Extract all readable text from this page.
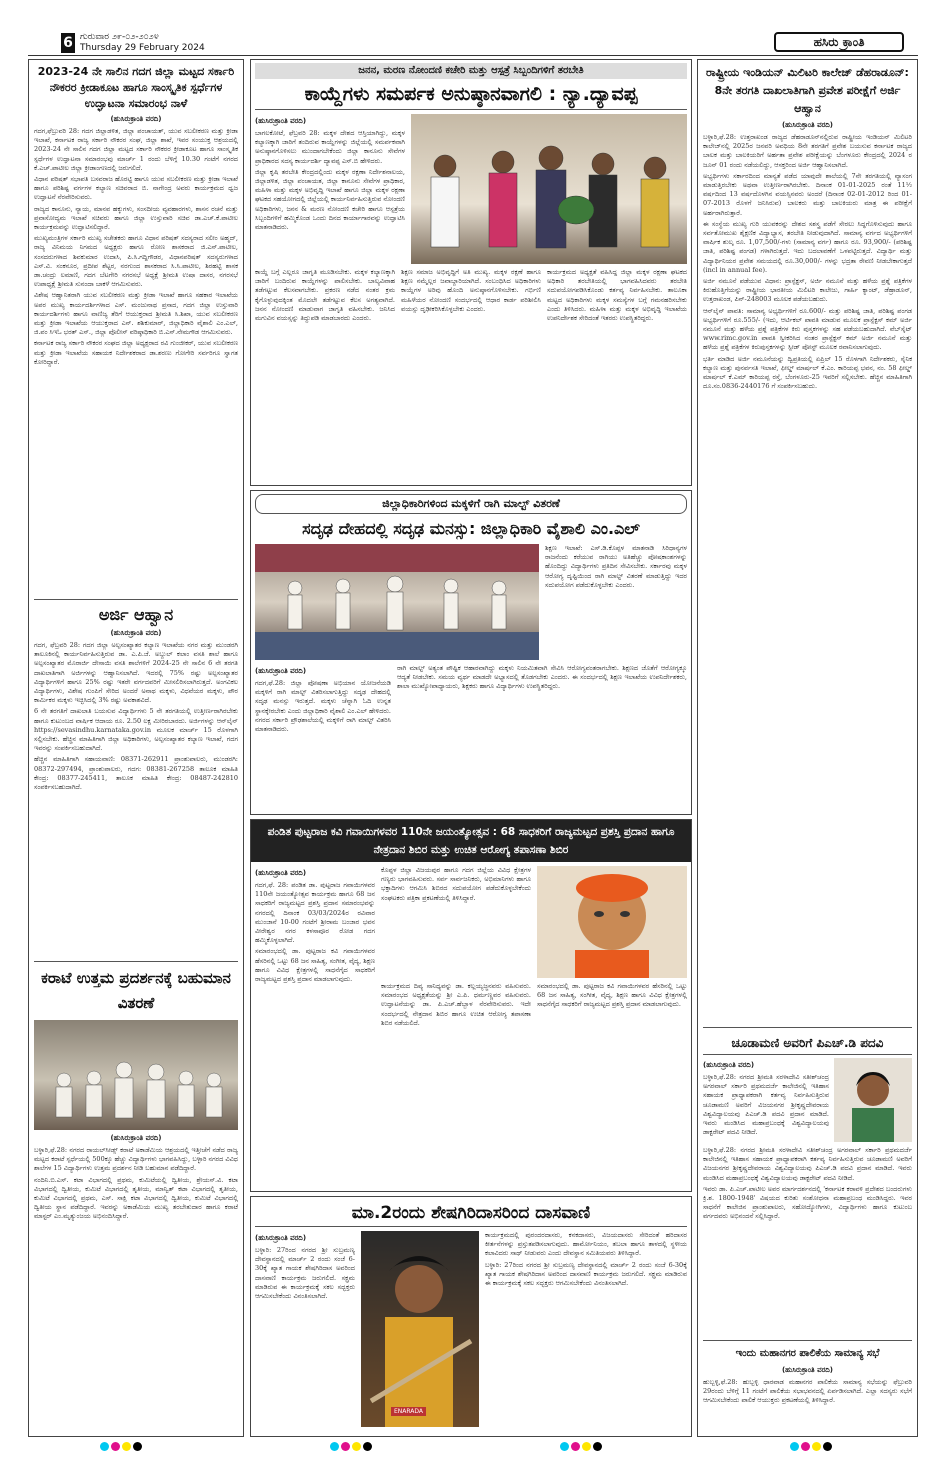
6 ಗುರುವಾರ ೨೯-೦೨-೨೦೨೪
Thursday 29 February 2024	ಹಸಿರು ಕ್ರಾಂತಿ
2023-24 ನೇ ಸಾಲಿನ ಗದಗ ಜಿಲ್ಲಾ ಮಟ್ಟದ ಸರ್ಕಾರಿ ನೌಕರರ ಕ್ರೀಡಾಕೂಟ ಹಾಗೂ ಸಾಂಸ್ಕೃತಿಕ ಸ್ಪರ್ಧೆಗಳ ಉದ್ಘಾಟನಾ ಸಮಾರಂಭ ನಾಳೆ
(ಹುಸಿರುಕ್ರಾಂತಿ ವರದಿ)

ಗದಗ,ಫೆಬ್ರುವರಿ 28: ಗದಗ ಜಿಲ್ಲಾಡಳಿತ, ಜಿಲ್ಲಾ ಪಂಚಾಯತ್, ಯುವ ಸಬಲೀಕರಣ ಮತ್ತು ಕ್ರೀಡಾ ಇಲಾಖೆ, ಕರ್ನಾಟಕ ರಾಜ್ಯ ಸರ್ಕಾರಿ ನೌಕರರ ಸಂಘ, ಜಿಲ್ಲಾ ಶಾಖೆ, ಇವರ ಸಂಯುಕ್ತ ಆಶ್ರಯದಲ್ಲಿ 2023-24 ನೇ ಸಾಲಿನ ಗದಗ ಜಿಲ್ಲಾ ಮಟ್ಟದ ಸರ್ಕಾರಿ ನೌಕರರ ಕ್ರೀಡಾಕೂಟ ಹಾಗೂ ಸಾಂಸ್ಕೃತಿಕ ಸ್ಪರ್ಧೆಗಳ ಉದ್ಘಾಟನಾ ಸಮಾರಂಭವು ಮಾರ್ಚ್ 1 ರಂದು ಬೆಳಿಗ್ಗೆ 10.30 ಗಂಟೆಗೆ ನಗರದ ಕೆ.ಎಚ್.ಪಾಟೀಲ ಜಿಲ್ಲಾ ಕ್ರೀಡಾಂಗಣದಲ್ಲಿ ಜರುಗಲಿದೆ.

ವಿಧಾನ ಪರಿಷತ್ ಸಭಾಪತಿ ಬಸವರಾಜ ಹೊರಟ್ಟಿ ಹಾಗೂ ಯುವ ಸಬಲೀಕರಣ ಮತ್ತು ಕ್ರೀಡಾ ಇಲಾಖೆ ಹಾಗೂ ಪರಿಶಿಷ್ಟ ವರ್ಗಗಳ ಕಲ್ಯಾಣ ಸಚಿವರಾದ ಬಿ. ನಾಗೇಂದ್ರ ಅವರು ಕಾರ್ಯಕ್ರಮದ ಧ್ವಜ ಉದ್ಘಾಟನೆ ನೆರವೇರಿಸುವರು.

ರಾಜ್ಯದ ಕಾನೂನು, ನ್ಯಾಯ, ಮಾನವ ಹಕ್ಕುಗಳು, ಸಂಸದೀಯ ವ್ಯವಹಾರಗಳು, ಶಾಸನ ರಚನೆ ಮತ್ತು ಪ್ರವಾಸೋದ್ಯಮ ಇಲಾಖೆ ಸಚಿವರು ಹಾಗೂ ಜಿಲ್ಲಾ ಉಸ್ತುವಾರಿ ಸಚಿವ ಡಾ.ಎಚ್.ಕೆ.ಪಾಟೀಲ ಕಾರ್ಯಕ್ರಮವನ್ನು ಉದ್ಘಾಟಿಸಲಿದ್ದಾರೆ.

ಮುಖ್ಯಮಂತ್ರಿಗಳ ಸರ್ಕಾರಿ ಮುಖ್ಯ ಸಚೇತಕರು ಹಾಗೂ ವಿಧಾನ ಪರಿಷತ್ ಸದಸ್ಯರಾದ ಸಲೀಂ ಅಹ್ಮದ್, ರಾಜ್ಯ ವಿನಿಮಯ ನಿಗಮದ ಅಧ್ಯಕ್ಷರು ಹಾಗೂ ರೋಣ ಶಾಸಕರಾದ ಜಿ.ಎಸ್.ಪಾಟೀಲ, ಸಂಸದರುಗಳಾದ ಶಿವಕುಮಾರ ಉದಾಸಿ, ಪಿ.ಸಿ.ಗದ್ದಿಗೌಡರ, ವಿಧಾನಪರಿಷತ್ ಸದಸ್ಯರುಗಳಾದ ಎಸ್.ವಿ. ಸಂಕನೂರ, ಪ್ರದೀಪ ಶೆಟ್ಟರ, ನರಗುಂದ ಶಾಸಕರಾದ ಸಿ.ಸಿ.ಪಾಟೀಲ, ಶಿರಹಟ್ಟಿ ಶಾಸಕ ಡಾ.ಚಂದ್ರು ಲಮಾಣಿ, ಗದಗ ಬೆಟಗೇರಿ ನಗರಸಭೆ ಅಧ್ಯಕ್ಷೆ ಶ್ರೀಮತಿ ಉಷಾ ದಾಸರ, ನಗರಸಭೆ ಉಪಾಧ್ಯಕ್ಷೆ ಶ್ರೀಮತಿ ಸುನಂದಾ ಬಾಕಳೆ ಆಗಮಿಸುವರು.

ವಿಶೇಷ ಆಹ್ವಾನಿತರಾಗಿ ಯುವ ಸಬಲೀಕರಣ ಮತ್ತು ಕ್ರೀಡಾ ಇಲಾಖೆ ಹಾಗೂ ಸಹಕಾರ ಇಲಾಖೆಯ ಅಪರ ಮುಖ್ಯ ಕಾರ್ಯದರ್ಶಿಗಳಾದ ಎಸ್. ಮಂಜುನಾಥ ಪ್ರಸಾದ, ಗದಗ ಜಿಲ್ಲಾ ಉಸ್ತುವಾರಿ ಕಾರ್ಯದರ್ಶಿಗಳು ಹಾಗೂ ವಾಣಿಜ್ಯ ತೆರಿಗೆ ಆಯುಕ್ತರಾದ ಶ್ರೀಮತಿ ಸಿ.ಶಿಖಾ, ಯುವ ಸಬಲೀಕರಣ ಮತ್ತು ಕ್ರೀಡಾ ಇಲಾಖೆಯ ಆಯುಕ್ತರಾದ ಎನ್. ಶಶಿಕುಮಾರ್, ಜಿಲ್ಲಾಧಿಕಾರಿ ವೈಶಾಲಿ ಎಂ.ಎಲ್, ಜಿ.ಪಂ ಸಿಇಓ ಭರತ್ ಎಸ್., ಜಿಲ್ಲಾ ಪೊಲೀಸ್ ವರಿಷ್ಠಾಧಿಕಾರಿ ಬಿ.ಎಸ್.ನೇಮಗೌಡ ಆಗಮಿಸುವರು.

ಕರ್ನಾಟಕ ರಾಜ್ಯ ಸರ್ಕಾರಿ ನೌಕರರ ಸಂಘದ ಜಿಲ್ಲಾ ಅಧ್ಯಕ್ಷರಾದ ರವಿ ಗುಂಜೀಕರ್, ಯುವ ಸಬಲೀಕರಣ ಮತ್ತು ಕ್ರೀಡಾ ಇಲಾಖೆಯ ಸಹಾಯಕ ನಿರ್ದೇಶಕರಾದ ಡಾ.ಶರಣು ಗೋಗೇರಿ ಸರ್ವರಿಗೂ ಸ್ವಾಗತ ಕೋರಿದ್ದಾರೆ.

ಅರ್ಜಿ ಆಹ್ವಾನ
(ಹುಸಿರುಕ್ರಾಂತಿ ವರದಿ)

ಗದಗ, ಫೆಬ್ರವರಿ 28: ಗದಗ ಜಿಲ್ಲಾ ಅಲ್ಪಸಂಖ್ಯಾತರ ಕಲ್ಯಾಣ ಇಲಾಖೆಯ ನಗರ ಮತ್ತು ಮುಂಡರಗಿ ತಾಲೂಕಿನಲ್ಲಿ ಕಾರ್ಯನಿರ್ವಹಿಸುತ್ತಿರುವ ಡಾ. ಎ.ಪಿ.ಜೆ. ಅಬ್ದುಲ್ ಕಲಾಂ ವಸತಿ ಶಾಲೆ ಹಾಗೂ ಅಲ್ಪಸಂಖ್ಯಾತರ ಮೊರಾರ್ಜಿ ದೇಸಾಯಿ ವಸತಿ ಶಾಲೆಗಳಿಗೆ 2024-25 ನೇ ಸಾಲಿನ 6 ನೇ ತರಗತಿ ದಾಖಲಾತಿಗಾಗಿ ಅರ್ಜಿಗಳನ್ನು ಆಹ್ವಾನಿಸಲಾಗಿದೆ. ಇದರಲ್ಲಿ 75% ರಷ್ಟು ಅಲ್ಪಸಂಖ್ಯಾತರ ವಿದ್ಯಾರ್ಥಿಗಳಿಗೆ ಹಾಗೂ 25% ರಷ್ಟು ಇತರೇ ವರ್ಗದವರಿಗೆ ಮೀಸಲಿರಿಸಲಾಗಿರುತ್ತದೆ. ಅಂಗವಿಕಲ ವಿದ್ಯಾರ್ಥಿಗಳು, ವಿಶೇಷ ಗುಂಪಿಗೆ ಸೇರಿದ ಅಂದರೆ ಅನಾಥ ಮಕ್ಕಳು, ವಿಧವೆಯರ ಮಕ್ಕಳು, ಪೌರ ಕಾರ್ಮಿಕರ ಮಕ್ಕಳು ಇಚ್ಛಿಸಿದಲ್ಲಿ 3% ರಷ್ಟು ಅವಕಾಶವಿದೆ.

6 ನೇ ತರಗತಿಗೆ ದಾಖಲಾತಿ ಬಯಸುವ ವಿದ್ಯಾರ್ಥಿಗಳು 5 ನೇ ತರಗತಿಯಲ್ಲಿ ಉತ್ತೀರ್ಣರಾಗಿರಬೇಕು ಹಾಗೂ ಕುಟುಂಬದ ವಾರ್ಷಿಕ ಆದಾಯ ರೂ. 2.50 ಲಕ್ಷ ಮೀರಿರಬಾರದು. ಅರ್ಜಿಗಳನ್ನು ಆನ್‌ಲೈನ್ https://sevasindhu.karnataka.gov.in ಮೂಲಕ ಮಾರ್ಚ್ 15 ರೊಳಗಾಗಿ ಸಲ್ಲಿಸಬೇಕು. ಹೆಚ್ಚಿನ ಮಾಹಿತಿಗಾಗಿ ಜಿಲ್ಲಾ ಅಧಿಕಾರಿಗಳು, ಅಲ್ಪಸಂಖ್ಯಾತರ ಕಲ್ಯಾಣ ಇಲಾಖೆ, ಗದಗ ಇವರನ್ನು ಸಂಪರ್ಕಿಸಬಹುದಾಗಿದೆ.

ಹೆಚ್ಚಿನ ಮಾಹಿತಿಗಾಗಿ ಸಹಾಯವಾಣಿ: 08371-262911 ಪ್ರಾಂಶುಪಾಲರು, ಮುಂಡರಗಿ: 08372-297494, ಪ್ರಾಂಶುಪಾಲರು, ಗದಗ: 08381-267258 ತಾಲೂಕ ಮಾಹಿತಿ ಕೇಂದ್ರ: 08377-245411, ತಾಲೂಕ ಮಾಹಿತಿ ಕೇಂದ್ರ: 08487-242810 ಸಂಪರ್ಕಿಸಬಹುದಾಗಿದೆ.

ಕರಾಟೆ ಉತ್ತಮ ಪ್ರದರ್ಶನಕ್ಕೆ ಬಹುಮಾನ ವಿತರಣೆ
(ಹುಸಿರುಕ್ರಾಂತಿ ವರದಿ)

ಬಳ್ಳಾರಿ,ಫೆ.28: ನಗರದ ರಾಯಲ್‌ಸೀಡ್ಸ್ ಕರಾಟೆ ಅಕಾಡೆಮಿಯ ಆಶ್ರಯದಲ್ಲಿ ಇತ್ತೀಚೆಗೆ ನಡೆದ ರಾಜ್ಯ ಮಟ್ಟದ ಕರಾಟೆ ಸ್ಪರ್ಧೆಯಲ್ಲಿ 500ಕ್ಕೂ ಹೆಚ್ಚು ವಿದ್ಯಾರ್ಥಿಗಳು ಭಾಗವಹಿಸಿದ್ದು, ಬಳ್ಳಾರಿ ನಗರದ ವಿವಿಧ ಶಾಲೆಗಳ 15 ವಿದ್ಯಾರ್ಥಿಗಳು ಉತ್ತಮ ಪ್ರದರ್ಶನ ನೀಡಿ ಬಹುಮಾನ ಪಡೆದಿದ್ದಾರೆ.

ನಂದಿನಿ.ಬಿ.ಎಸ್. ಕಟಾ ವಿಭಾಗದಲ್ಲಿ ಪ್ರಥಮ, ಕುಮಿಟೆಯಲ್ಲಿ ದ್ವಿತೀಯ, ಶ್ರೇಯಸ್.ವಿ. ಕಟಾ ವಿಭಾಗದಲ್ಲಿ ದ್ವಿತೀಯ, ಕುಮಿಟೆ ವಿಭಾಗದಲ್ಲಿ ತೃತೀಯ, ಮಾನ್ವಿತ್ ಕಟಾ ವಿಭಾಗದಲ್ಲಿ ತೃತೀಯ, ಕುಮಿಟೆ ವಿಭಾಗದಲ್ಲಿ ಪ್ರಥಮ, ಎಸ್. ಸಾಕ್ಷಿ ಕಟಾ ವಿಭಾಗದಲ್ಲಿ ದ್ವಿತೀಯ, ಕುಮಿಟೆ ವಿಭಾಗದಲ್ಲಿ ದ್ವಿತೀಯ ಸ್ಥಾನ ಪಡೆದಿದ್ದಾರೆ. ಇವರನ್ನು ಅಕಾಡೆಮಿಯ ಮುಖ್ಯ ತರಬೇತುದಾರ ಹಾಗೂ ಕರಾಟೆ ಮಾಸ್ಟರ್ ಎಂ.ಮೃತ್ಯುಂಜಯ ಅಭಿನಂದಿಸಿದ್ದಾರೆ.

ಜನನ, ಮರಣ ನೋಂದಣಿ ಕಚೇರಿ ಮತ್ತು ಆಸ್ಪತ್ರೆ ಸಿಬ್ಬಂದಿಗಳಿಗೆ ತರಬೇತಿ
ಕಾಯ್ದೆಗಳು ಸಮರ್ಪಕ ಅನುಷ್ಠಾನವಾಗಲಿ : ನ್ಯಾ.ದ್ಯಾವಪ್ಪ
(ಹುಸಿರುಕ್ರಾಂತಿ ವರದಿ)

ಬಾಗಲಕೋಟೆ, ಫೆಬ್ರವರಿ 28: ಮಕ್ಕಳ ದೇಶದ ಆಸ್ತಿಯಾಗಿದ್ದು, ಮಕ್ಕಳ ಕಲ್ಯಾಣಕ್ಕಾಗಿ ಜಾರಿಗೆ ತಂದಿರುವ ಕಾಯ್ದೆಗಳನ್ನು ಜಿಲ್ಲೆಯಲ್ಲಿ ಸಮರ್ಪಕವಾಗಿ ಅನುಷ್ಠಾನಗೊಳಿಸಲು ಮುಂದಾಗಬೇಕೆಂದು ಜಿಲ್ಲಾ ಕಾನೂನು ಸೇವೆಗಳ ಪ್ರಾಧಿಕಾರದ ಸದಸ್ಯ ಕಾರ್ಯದರ್ಶಿ ದ್ಯಾವಪ್ಪ ಎಸ್.ಬಿ ಹೇಳಿದರು.

ಜಿಲ್ಲಾ ಕೃಷಿ ತರಬೇತಿ ಕೇಂದ್ರದಲ್ಲಿಂದು ಮಕ್ಕಳ ರಕ್ಷಣಾ ನಿರ್ದೇಶನಾಲಯ, ಜಿಲ್ಲಾಡಳಿತ, ಜಿಲ್ಲಾ ಪಂಚಾಯತ, ಜಿಲ್ಲಾ ಕಾನೂನು ಸೇವೆಗಳ ಪ್ರಾಧಿಕಾರ, ಮಹಿಳಾ ಮತ್ತು ಮಕ್ಕಳ ಅಭಿವೃದ್ಧಿ ಇಲಾಖೆ ಹಾಗೂ ಜಿಲ್ಲಾ ಮಕ್ಕಳ ರಕ್ಷಣಾ ಘಟಕದ ಸಹಯೋಗದಲ್ಲಿ ಜಿಲ್ಲೆಯಲ್ಲಿ ಕಾರ್ಯನಿರ್ವಹಿಸುತ್ತಿರುವ ನೋಂದಣಿ ಅಧಿಕಾರಿಗಳು, ಜನನ & ಮರಣ ನೋಂದಣಿ ಕಚೇರಿ ಹಾಗೂ ಆಸ್ಪತ್ರೆಯ ಸಿಬ್ಬಂದಿಗಳಿಗೆ ಹಮ್ಮಿಕೊಂಡ ಒಂದು ದಿನದ ಕಾರ್ಯಾಗಾರವನ್ನು ಉದ್ಘಾಟಿಸಿ ಮಾತನಾಡಿದರು.

ಕಾಯ್ದೆ ಬಗ್ಗೆ ಎಲ್ಲರೂ ಜಾಗೃತಿ ಮೂಡಿಸಬೇಕು. ಮಕ್ಕಳ ಕಲ್ಯಾಣಕ್ಕಾಗಿ ಜಾರಿಗೆ ಬಂದಿರುವ ಕಾಯ್ದೆಗಳನ್ನು ಪಾಲಿಸಬೇಕು. ಬಾಲ್ಯವಿವಾಹ ತಡೆಗಟ್ಟುವ ಕೆಲಸವಾಗಬೇಕು. ಪ್ರಕರಣ ನಡೆದ ನಂತರ ಕ್ರಮ ಕೈಗೊಳ್ಳುವುದಕ್ಕಿಂತ ಮೊದಲೇ ತಡೆಗಟ್ಟುವ ಕೆಲಸ ಅಗತ್ಯವಾಗಿದೆ. ಜನನ ನೋಂದಣಿ ಮಾಡುವಾಗ ಜಾಗೃತಿ ವಹಿಸಬೇಕು. ಜನಿಸಿದ ಮಗುವಿನ ವಯಸ್ಸನ್ನು ತಿದ್ದುಪಡಿ ಮಾಡಬಾರದು ಎಂದರು.

ಶಿಕ್ಷಣ ಸಮಾಜ ಅಭಿವೃದ್ಧಿಗೆ ಅತಿ ಮುಖ್ಯ. ಮಕ್ಕಳ ರಕ್ಷಣೆ ಹಾಗೂ ಶಿಕ್ಷಣ ನಮ್ಮೆಲ್ಲರ ಜವಾಬ್ದಾರಿಯಾಗಿದೆ. ಸಂಬಂಧಿಸಿದ ಅಧಿಕಾರಿಗಳು ಕಾಯ್ದೆಗಳ ಅರಿವು ಹೊಂದಿ ಅನುಷ್ಠಾನಗೊಳಿಸಬೇಕು. ಗರ್ಭಿಣಿ ಮಹಿಳೆಯರ ನೋಂದಣಿ ಸಂದರ್ಭದಲ್ಲಿ ಆಧಾರ ಕಾರ್ಡ ಪರಿಶೀಲಿಸಿ ವಯಸ್ಸು ದೃಢೀಕರಿಸಿಕೊಳ್ಳಬೇಕು ಎಂದರು.

ಕಾರ್ಯಕ್ರಮದ ಅಧ್ಯಕ್ಷತೆ ವಹಿಸಿದ್ದ ಜಿಲ್ಲಾ ಮಕ್ಕಳ ರಕ್ಷಣಾ ಘಟಕದ ಅಧಿಕಾರಿ ತರಬೇತಿಯಲ್ಲಿ ಭಾಗವಹಿಸಿದವರು ತರಬೇತಿ ಸದುಪಯೋಗಪಡಿಸಿಕೊಂಡು ಕರ್ತವ್ಯ ನಿರ್ವಹಿಸಬೇಕು. ತಾಲೂಕಾ ಮಟ್ಟದ ಅಧಿಕಾರಿಗಳು ಮಕ್ಕಳ ಸಮಸ್ಯೆಗಳ ಬಗ್ಗೆ ಗಮನಹರಿಸಬೇಕು ಎಂದು ತಿಳಿಸಿದರು. ಮಹಿಳಾ ಮತ್ತು ಮಕ್ಕಳ ಅಭಿವೃದ್ಧಿ ಇಲಾಖೆಯ ಉಪನಿರ್ದೇಶಕ ಸೇರಿದಂತೆ ಇತರರು ಉಪಸ್ಥಿತರಿದ್ದರು.

ಜಿಲ್ಲಾಧಿಕಾರಿಗಳಿಂದ ಮಕ್ಕಳಿಗೆ ರಾಗಿ ಮಾಲ್ಟ್ ವಿತರಣೆ
ಸದೃಢ ದೇಹದಲ್ಲಿ ಸದೃಢ ಮನಸ್ಸು: ಜಿಲ್ಲಾಧಿಕಾರಿ ವೈಶಾಲಿ ಎಂ.ಎಲ್

ಶಿಕ್ಷಣ ಇಲಾಖೆ: ಎಸ್.ಡಿ.ಕೊಪ್ಪಳ ಮಾತನಾಡಿ ಸಿರಿಧಾನ್ಯಗಳ ರಾಜನೆಂದು ಕರೆಯುವ ರಾಗಿಯು ಅತಿಹೆಚ್ಚು ಪೋಷಕಾಂಶಗಳನ್ನು ಹೊಂದಿದ್ದು ವಿದ್ಯಾರ್ಥಿಗಳು ಪ್ರತಿದಿನ ಸೇವಿಸಬೇಕು. ಸರ್ಕಾರವು ಮಕ್ಕಳ ಆರೋಗ್ಯ ದೃಷ್ಟಿಯಿಂದ ರಾಗಿ ಮಾಲ್ಟ್ ವಿತರಣೆ ಮಾಡುತ್ತಿದ್ದು ಇದರ ಸದುಪಯೋಗ ಪಡೆದುಕೊಳ್ಳಬೇಕು ಎಂದರು.

(ಹುಸಿರುಕ್ರಾಂತಿ ವರದಿ)

ಗದಗ,ಫೆ.28: ಜಿಲ್ಲಾ ಪೋಷಣಾ ಅಭಿಯಾನ ಯೋಜನೆಯಡಿ ಮಕ್ಕಳಿಗೆ ರಾಗಿ ಮಾಲ್ಟ್ ವಿತರಿಸಲಾಗುತ್ತಿದ್ದು ಸದೃಢ ದೇಹದಲ್ಲಿ ಸದೃಢ ಮನಸ್ಸು ಇರುತ್ತದೆ. ಮಕ್ಕಳು ಚೆನ್ನಾಗಿ ಓದಿ ಉನ್ನತ ಸ್ಥಾನಕ್ಕೇರಬೇಕು ಎಂದು ಜಿಲ್ಲಾಧಿಕಾರಿ ವೈಶಾಲಿ ಎಂ.ಎಲ್ ಹೇಳಿದರು. ನಗರದ ಸರ್ಕಾರಿ ಪ್ರೌಢಶಾಲೆಯಲ್ಲಿ ಮಕ್ಕಳಿಗೆ ರಾಗಿ ಮಾಲ್ಟ್ ವಿತರಿಸಿ ಮಾತನಾಡಿದರು.

ರಾಗಿ ಮಾಲ್ಟ್ ಅತ್ಯಂತ ಪೌಷ್ಟಿಕ ಆಹಾರವಾಗಿದ್ದು ಮಕ್ಕಳು ನಿಯಮಿತವಾಗಿ ಸೇವಿಸಿ ಆರೋಗ್ಯವಂತರಾಗಬೇಕು. ಶಿಕ್ಷಣದ ಜೊತೆಗೆ ಆರೋಗ್ಯಕ್ಕೂ ಆದ್ಯತೆ ನೀಡಬೇಕು. ಸಮಯ ವ್ಯರ್ಥ ಮಾಡದೇ ಅಭ್ಯಾಸದಲ್ಲಿ ತೊಡಗಬೇಕು ಎಂದರು. ಈ ಸಂದರ್ಭದಲ್ಲಿ ಶಿಕ್ಷಣ ಇಲಾಖೆಯ ಉಪನಿರ್ದೇಶಕರು, ಶಾಲಾ ಮುಖ್ಯೋಪಾಧ್ಯಾಯರು, ಶಿಕ್ಷಕರು ಹಾಗೂ ವಿದ್ಯಾರ್ಥಿಗಳು ಉಪಸ್ಥಿತರಿದ್ದರು.

ಪಂಡಿತ ಪುಟ್ಟರಾಜ ಕವಿ ಗವಾಯಿಗಳವರ 110ನೇ ಜಯಂತ್ಯೋತ್ಸವ : 68 ಸಾಧಕರಿಗೆ ರಾಜ್ಯಮಟ್ಟದ ಪ್ರಶಸ್ತಿ ಪ್ರದಾನ ಹಾಗೂ ನೇತ್ರದಾನ ಶಿಬಿರ ಮತ್ತು ಉಚಿತ ಆರೋಗ್ಯ ತಪಾಸಣಾ ಶಿಬಿರ
(ಹುಸಿರುಕ್ರಾಂತಿ ವರದಿ)

ಗದಗ,ಫೆ. 28: ಪಂಡಿತ ಡಾ. ಪುಟ್ಟರಾಜ ಗವಾಯಿಗಳವರ 110ನೇ ಜಯಂತ್ಯೋತ್ಸವ ಕಾರ್ಯಕ್ರಮ ಹಾಗೂ 68 ಜನ ಸಾಧಕರಿಗೆ ರಾಜ್ಯಮಟ್ಟದ ಪ್ರಶಸ್ತಿ ಪ್ರದಾನ ಸಮಾರಂಭವನ್ನು ನಗರದಲ್ಲಿ ದಿನಾಂಕ 03/03/2024ರ ರವಿವಾರ ಮುಂಜಾನೆ 10-00 ಗಂಟೆಗೆ ಶ್ರೀರಾಮ ಬಂಜಾರ ಭವನ ವೀರೇಶ್ವರ ನಗರ ಕಳಸಾಪೂರ ರೋಡ ಗದಗ ಹಮ್ಮಿಕೊಳ್ಳಲಾಗಿದೆ.

ಸಮಾರಂಭದಲ್ಲಿ ಡಾ. ಪುಟ್ಟರಾಜ ಕವಿ ಗವಾಯಿಗಳವರ ಹೆಸರಿನಲ್ಲಿ ಒಟ್ಟು 68 ಜನ ಸಾಹಿತ್ಯ, ಸಂಗೀತ, ವೈದ್ಯ, ಶಿಕ್ಷಣ ಹಾಗೂ ವಿವಿಧ ಕ್ಷೇತ್ರಗಳಲ್ಲಿ ಸಾಧನೆಗೈದ ಸಾಧಕರಿಗೆ ರಾಜ್ಯಮಟ್ಟದ ಪ್ರಶಸ್ತಿ ಪ್ರದಾನ ಮಾಡಲಾಗುವುದು.

ಕೊಪ್ಪಳ ಜಿಲ್ಲಾ ವಿಜಯಪುರ ಹಾಗೂ ಗದಗ ಜಿಲ್ಲೆಯ ವಿವಿಧ ಕ್ಷೇತ್ರಗಳ ಗಣ್ಯರು ಭಾಗವಹಿಸುವರು. ಸರ್ವ ಸಾರ್ವಜನಿಕರು, ಅಭಿಮಾನಿಗಳು ಹಾಗೂ ಭಕ್ತಾದಿಗಳು ಆಗಮಿಸಿ ಶಿಬಿರದ ಸದುಪಯೋಗ ಪಡೆದುಕೊಳ್ಳಬೇಕೆಂದು ಸಂಘಟಕರು ಪತ್ರಿಕಾ ಪ್ರಕಟಣೆಯಲ್ಲಿ ತಿಳಿಸಿದ್ದಾರೆ.

ಕಾರ್ಯಕ್ರಮದ ದಿವ್ಯ ಸಾನಿಧ್ಯವನ್ನು ಡಾ. ಕಲ್ಲಯ್ಯಜ್ಜನವರು ವಹಿಸುವರು. ಸಮಾರಂಭದ ಅಧ್ಯಕ್ಷತೆಯನ್ನು ಶ್ರೀ ಎ.ಪಿ. ಧರ್ಮಣ್ಣವರ ವಹಿಸುವರು. ಉದ್ಘಾಟನೆಯನ್ನು ಡಾ. ಪಿ.ಎಚ್.ಹೆಬ್ಬಾಳ ನೆರವೇರಿಸುವರು. ಇದೇ ಸಂದರ್ಭದಲ್ಲಿ ನೇತ್ರದಾನ ಶಿಬಿರ ಹಾಗೂ ಉಚಿತ ಆರೋಗ್ಯ ತಪಾಸಣಾ ಶಿಬಿರ ನಡೆಯಲಿದೆ.

ಸಮಾರಂಭದಲ್ಲಿ ಡಾ. ಪುಟ್ಟರಾಜ ಕವಿ ಗವಾಯಿಗಳವರ ಹೆಸರಿನಲ್ಲಿ ಒಟ್ಟು 68 ಜನ ಸಾಹಿತ್ಯ, ಸಂಗೀತ, ವೈದ್ಯ, ಶಿಕ್ಷಣ ಹಾಗೂ ವಿವಿಧ ಕ್ಷೇತ್ರಗಳಲ್ಲಿ ಸಾಧನೆಗೈದ ಸಾಧಕರಿಗೆ ರಾಜ್ಯಮಟ್ಟದ ಪ್ರಶಸ್ತಿ ಪ್ರದಾನ ಮಾಡಲಾಗುವುದು.

ಮಾ.2ರಂದು ಶೇಷಗಿರಿದಾಸರಿಂದ ದಾಸವಾಣಿ
(ಹುಸಿರುಕ್ರಾಂತಿ ವರದಿ)

ಬಳ್ಳಾರಿ: 27ರಿಂದ ನಗರದ ಶ್ರೀ ಸುಬ್ರಮಣ್ಯ ದೇವಸ್ಥಾನದಲ್ಲಿ ಮಾರ್ಚ್ 2 ರಂದು ಸಂಜೆ 6-30ಕ್ಕೆ ಖ್ಯಾತ ಗಾಯಕ ಶೇಷಗಿರಿದಾಸ ಅವರಿಂದ ದಾಸವಾಣಿ ಕಾರ್ಯಕ್ರಮ ಜರುಗಲಿದೆ. ಸಕ್ಷ್ರಮ ಮಾಡಿರುವ ಈ ಕಾರ್ಯಕ್ರಮಕ್ಕೆ ಸಕಲ ಸದ್ಭಕ್ತರು ಆಗಮಿಸಬೇಕೆಂದು ವಿನಂತಿಸಲಾಗಿದೆ.

ENARADA

ಕಾರ್ಯಕ್ರಮದಲ್ಲಿ ಪುರಂದರದಾಸರು, ಕನಕದಾಸರು, ವಿಜಯದಾಸರು ಸೇರಿದಂತೆ ಹರಿದಾಸರ ಕೀರ್ತನೆಗಳನ್ನು ಪ್ರಸ್ತುತಪಡಿಸಲಾಗುವುದು. ಹಾರ್ಮೋನಿಯಂ, ತಬಲಾ ಹಾಗೂ ತಾಳದಲ್ಲಿ ಸ್ಥಳೀಯ ಕಲಾವಿದರು ಸಾಥ್ ನೀಡುವರು ಎಂದು ದೇವಸ್ಥಾನ ಸಮಿತಿಯವರು ತಿಳಿಸಿದ್ದಾರೆ.

ಬಳ್ಳಾರಿ: 27ರಿಂದ ನಗರದ ಶ್ರೀ ಸುಬ್ರಮಣ್ಯ ದೇವಸ್ಥಾನದಲ್ಲಿ ಮಾರ್ಚ್ 2 ರಂದು ಸಂಜೆ 6-30ಕ್ಕೆ ಖ್ಯಾತ ಗಾಯಕ ಶೇಷಗಿರಿದಾಸ ಅವರಿಂದ ದಾಸವಾಣಿ ಕಾರ್ಯಕ್ರಮ ಜರುಗಲಿದೆ. ಸಕ್ಷ್ರಮ ಮಾಡಿರುವ ಈ ಕಾರ್ಯಕ್ರಮಕ್ಕೆ ಸಕಲ ಸದ್ಭಕ್ತರು ಆಗಮಿಸಬೇಕೆಂದು ವಿನಂತಿಸಲಾಗಿದೆ.

ರಾಷ್ಟ್ರೀಯ ಇಂಡಿಯನ್ ಮಿಲಿಟರಿ ಕಾಲೇಜ್ ಡೆಹರಾಡೂನ್: 8ನೇ ತರಗತಿ ದಾಖಲಾತಿಗಾಗಿ ಪ್ರವೇಶ ಪರೀಕ್ಷೆಗೆ ಅರ್ಜಿ ಆಹ್ವಾನ
(ಹುಸಿರುಕ್ರಾಂತಿ ವರದಿ)

ಬಳ್ಳಾರಿ,ಫೆ.28: ಉತ್ತರಾಖಂಡ ರಾಜ್ಯದ ಡೆಹರಾಡೂನ್‌ನಲ್ಲಿರುವ ರಾಷ್ಟ್ರೀಯ ಇಂಡಿಯನ್ ಮಿಲಿಟರಿ ಕಾಲೇಜ್‌ನಲ್ಲಿ 2025ರ ಜನವರಿ ಅವಧಿಯ 8ನೇ ತರಗತಿಗೆ ಪ್ರವೇಶ ಬಯಸುವ ಕರ್ನಾಟಕ ರಾಜ್ಯದ ಬಾಲಕ ಮತ್ತು ಬಾಲಕಿಯರಿಗೆ ಅರ್ಹತಾ ಪ್ರವೇಶ ಪರೀಕ್ಷೆಯನ್ನು ಬೆಂಗಳೂರು ಕೇಂದ್ರದಲ್ಲಿ 2024 ರ ಜೂನ್ 01 ರಂದು ನಡೆಯಲಿದ್ದು, ಆಸಕ್ತರಿಂದ ಅರ್ಜಿ ಆಹ್ವಾನಿಸಲಾಗಿದೆ.

ಅಭ್ಯರ್ಥಿಗಳು ಸರ್ಕಾರದಿಂದ ಮಾನ್ಯತೆ ಪಡೆದ ಯಾವುದೇ ಶಾಲೆಯಲ್ಲಿ 7ನೇ ತರಗತಿಯಲ್ಲಿ ವ್ಯಾಸಂಗ ಮಾಡುತ್ತಿರಬೇಕು ಅಥವಾ ಉತ್ತೀರ್ಣರಾಗಿರಬೇಕು. ದಿನಾಂಕ 01-01-2025 ರಂತೆ 11½ ವರ್ಷದಿಂದ 13 ವರ್ಷದೊಳಗಿನ ವಯಸ್ಸಿನವರು ಅಂದರೆ (ದಿನಾಂಕ 02-01-2012 ರಿಂದ 01-07-2013 ರೊಳಗೆ ಜನಿಸಿರುವ) ಬಾಲಕರು ಮತ್ತು ಬಾಲಕಿಯರು ಮಾತ್ರ ಈ ಪರೀಕ್ಷೆಗೆ ಅರ್ಹರಾಗಿರುತ್ತಾರೆ.

ಈ ಸಂಸ್ಥೆಯ ಮುಖ್ಯ ಗುರಿ ಯುವಕರನ್ನು ದೇಶದ ಸಶಸ್ತ್ರ ಪಡೆಗೆ ಸೇರಲು ಸಿದ್ಧಗೊಳಿಸುವುದು ಹಾಗೂ ಸರ್ವತೋಮುಖ ಶೈಕ್ಷಣಿಕ ವಿದ್ಯಾಭ್ಯಾಸ, ತರಬೇತಿ ನೀಡುವುದಾಗಿದೆ. ಸಾಮಾನ್ಯ ವರ್ಗದ ಅಭ್ಯರ್ಥಿಗಳಿಗೆ ವಾರ್ಷಿಕ ಶುಲ್ಕ ರೂ. 1,07,500/-ಗಳು (ಸಾಮಾನ್ಯ ವರ್ಗ) ಹಾಗೂ ರೂ. 93,900/- (ಪರಿಶಿಷ್ಟ ಜಾತಿ, ಪರಿಶಿಷ್ಟ ಪಂಗಡ) ಗಳಾಗಿರುತ್ತದೆ. ಇದು ಬದಲಾವಣೆಗೆ ಒಳಪಟ್ಟಿರುತ್ತದೆ. ವಿದ್ಯಾರ್ಥಿ ಮತ್ತು ವಿದ್ಯಾರ್ಥಿನಿಯರ ಪ್ರವೇಶ ಸಮಯದಲ್ಲಿ ರೂ.30,000/- ಗಳನ್ನು ಭದ್ರತಾ ಠೇವಣಿ ನೀಡಬೇಕಾಗುತ್ತದೆ (incl in annual fee).

ಅರ್ಜಿ ನಮೂನೆ ಪಡೆಯುವ ವಿಧಾನ: ಪ್ರಾಸ್ಪೆಕ್ಟಸ್, ಅರ್ಜಿ ನಮೂನೆ ಮತ್ತು ಹಳೆಯ ಪ್ರಶ್ನೆ ಪತ್ರಿಕೆಗಳ ಕಿರುಹೊತ್ತಿಗೆಯನ್ನು ರಾಷ್ಟ್ರೀಯ ಭಾರತೀಯ ಮಿಲಿಟರಿ ಕಾಲೇಜು, ಗಾರ್ಹಿ ಕ್ಯಾಂಟ್, ಡೆಹ್ರಾಡೂನ್, ಉತ್ತರಾಖಂಡ, ಪಿನ್-248003 ಮೂಲಕ ಪಡೆಯಬಹುದು.

ಆನ್‌ಲೈನ್ ಪಾವತಿ: ಸಾಮಾನ್ಯ ಅಭ್ಯರ್ಥಿಗಳಿಗೆ ರೂ.600/- ಮತ್ತು ಪರಿಶಿಷ್ಟ ಜಾತಿ, ಪರಿಶಿಷ್ಟ ಪಂಗಡ ಅಭ್ಯರ್ಥಿಗಳಿಗೆ ರೂ.555/- (ಇದು, ಆರ್ಟಿಕಲ್ ಪಾವತಿ ಮಾಡುವ ಮೂಲಕ ಪ್ರಾಸ್ಪೆಕ್ಟಸ್ ಕಮ್ ಅರ್ಜಿ ನಮೂನೆ ಮತ್ತು ಹಳೆಯ ಪ್ರಶ್ನೆ ಪತ್ರಿಕೆಗಳ ಕಿರು ಪುಸ್ತಕಗಳನ್ನು ಸಹ ಪಡೆಯಬಹುದಾಗಿದೆ. ವೆಬ್‌ಸೈಟ್ www.rimc.gov.in ಪಾವತಿ ಸ್ವೀಕರಿಸಿದ ನಂತರ ಪ್ರಾಸ್ಪೆಕ್ಟಸ್ ಕಮ್ ಅರ್ಜಿ ನಮೂನೆ ಮತ್ತು ಹಳೆಯ ಪ್ರಶ್ನೆ ಪತ್ರಿಕೆಗಳ ಕಿರುಪುಸ್ತಕಗಳನ್ನು ಸ್ಪೀಡ್ ಪೋಸ್ಟ್ ಮೂಲಕ ರವಾನಿಸಲಾಗುವುದು.

ಭರ್ತಿ ಮಾಡಿದ ಅರ್ಜಿ ನಮೂನೆಯನ್ನು ದ್ವಿಪ್ರತಿಯಲ್ಲಿ ಏಪ್ರಿಲ್ 15 ರೊಳಗಾಗಿ ನಿರ್ದೇಶಕರು, ಸೈನಿಕ ಕಲ್ಯಾಣ ಮತ್ತು ಪುನರ್ವಸತಿ ಇಲಾಖೆ, ಫೀಲ್ಡ್ ಮಾರ್ಷಲ್ ಕೆ.ಎಂ. ಕಾರಿಯಪ್ಪ ಭವನ, ನಂ. 58 ಫೀಲ್ಡ್ ಮಾರ್ಷಲ್ ಕೆ.ಎಮ್ ಕಾರಿಯಪ್ಪ ರಸ್ತೆ, ಬೆಂಗಳೂರು-25 ಇವರಿಗೆ ಸಲ್ಲಿಸಬೇಕು. ಹೆಚ್ಚಿನ ಮಾಹಿತಿಗಾಗಿ ದೂ.ಸಂ.0836-2440176 ಗೆ ಸಂಪರ್ಕಿಸಬಹುದು.

ಚೂಡಾಮಣಿ ಅವರಿಗೆ ಪಿಎಚ್.ಡಿ ಪದವಿ
(ಹುಸಿರುಕ್ರಾಂತಿ ವರದಿ)

ಬಳ್ಳಾರಿ,ಫೆ.28: ನಗರದ ಶ್ರೀಮತಿ ಸರಳಾದೇವಿ ಸತೀಶ್‌ಚಂದ್ರ ಅಗರವಾಲ್ ಸರ್ಕಾರಿ ಪ್ರಥಮದರ್ಜೆ ಕಾಲೇಜಿನಲ್ಲಿ ಇತಿಹಾಸ ಸಹಾಯಕ ಪ್ರಾಧ್ಯಾಪಕರಾಗಿ ಕರ್ತವ್ಯ ನಿರ್ವಹಿಸುತ್ತಿರುವ ಚೂಡಾಮಣಿ ಅವರಿಗೆ ವಿಜಯನಗರ ಶ್ರೀಕೃಷ್ಣದೇವರಾಯ ವಿಶ್ವವಿದ್ಯಾಲಯವು ಪಿಎಚ್.ಡಿ ಪದವಿ ಪ್ರದಾನ ಮಾಡಿದೆ. ಇವರು ಮಂಡಿಸಿದ ಮಹಾಪ್ರಬಂಧಕ್ಕೆ ವಿಶ್ವವಿದ್ಯಾಲಯವು ಡಾಕ್ಟರೇಟ್ ಪದವಿ ನೀಡಿದೆ.

ಬಳ್ಳಾರಿ,ಫೆ.28: ನಗರದ ಶ್ರೀಮತಿ ಸರಳಾದೇವಿ ಸತೀಶ್‌ಚಂದ್ರ ಅಗರವಾಲ್ ಸರ್ಕಾರಿ ಪ್ರಥಮದರ್ಜೆ ಕಾಲೇಜಿನಲ್ಲಿ ಇತಿಹಾಸ ಸಹಾಯಕ ಪ್ರಾಧ್ಯಾಪಕರಾಗಿ ಕರ್ತವ್ಯ ನಿರ್ವಹಿಸುತ್ತಿರುವ ಚೂಡಾಮಣಿ ಅವರಿಗೆ ವಿಜಯನಗರ ಶ್ರೀಕೃಷ್ಣದೇವರಾಯ ವಿಶ್ವವಿದ್ಯಾಲಯವು ಪಿಎಚ್.ಡಿ ಪದವಿ ಪ್ರದಾನ ಮಾಡಿದೆ. ಇವರು ಮಂಡಿಸಿದ ಮಹಾಪ್ರಬಂಧಕ್ಕೆ ವಿಶ್ವವಿದ್ಯಾಲಯವು ಡಾಕ್ಟರೇಟ್ ಪದವಿ ನೀಡಿದೆ.

ಇವರು ಡಾ. ಪಿ.ಎಚ್.ಪಾಟೀಲ ಅವರ ಮಾರ್ಗದರ್ಶನದಲ್ಲಿ 'ಕರ್ನಾಟಕ ಕರಾವಳಿ ಪ್ರದೇಶದ ಬಂದರುಗಳು ಕ್ರಿ.ಶ. 1800-1948' ವಿಷಯದ ಕುರಿತು ಸಂಶೋಧನಾ ಮಹಾಪ್ರಬಂಧ ಮಂಡಿಸಿದ್ದರು. ಇವರ ಸಾಧನೆಗೆ ಕಾಲೇಜಿನ ಪ್ರಾಂಶುಪಾಲರು, ಸಹೋದ್ಯೋಗಿಗಳು, ವಿದ್ಯಾರ್ಥಿಗಳು ಹಾಗೂ ಕುಟುಂಬ ವರ್ಗದವರು ಅಭಿನಂದನೆ ಸಲ್ಲಿಸಿದ್ದಾರೆ.

ಇಂದು ಮಹಾನಗರ ಪಾಲಿಕೆಯ ಸಾಮಾನ್ಯ ಸಭೆ
(ಹುಸಿರುಕ್ರಾಂತಿ ವರದಿ)

ಹುಬ್ಬಳ್ಳಿ,ಫೆ.28: ಹುಬ್ಬಳ್ಳಿ ಧಾರವಾಡ ಮಹಾನಗರ ಪಾಲಿಕೆಯ ಸಾಮಾನ್ಯ ಸಭೆಯನ್ನು ಫೆಬ್ರುವರಿ 29ರಂದು ಬೆಳಿಗ್ಗೆ 11 ಗಂಟೆಗೆ ಪಾಲಿಕೆಯ ಸಭಾಭವನದಲ್ಲಿ ಏರ್ಪಡಿಸಲಾಗಿದೆ. ಎಲ್ಲಾ ಸದಸ್ಯರು ಸಭೆಗೆ ಆಗಮಿಸಬೇಕೆಂದು ಪಾಲಿಕೆ ಆಯುಕ್ತರು ಪ್ರಕಟಣೆಯಲ್ಲಿ ತಿಳಿಸಿದ್ದಾರೆ.
